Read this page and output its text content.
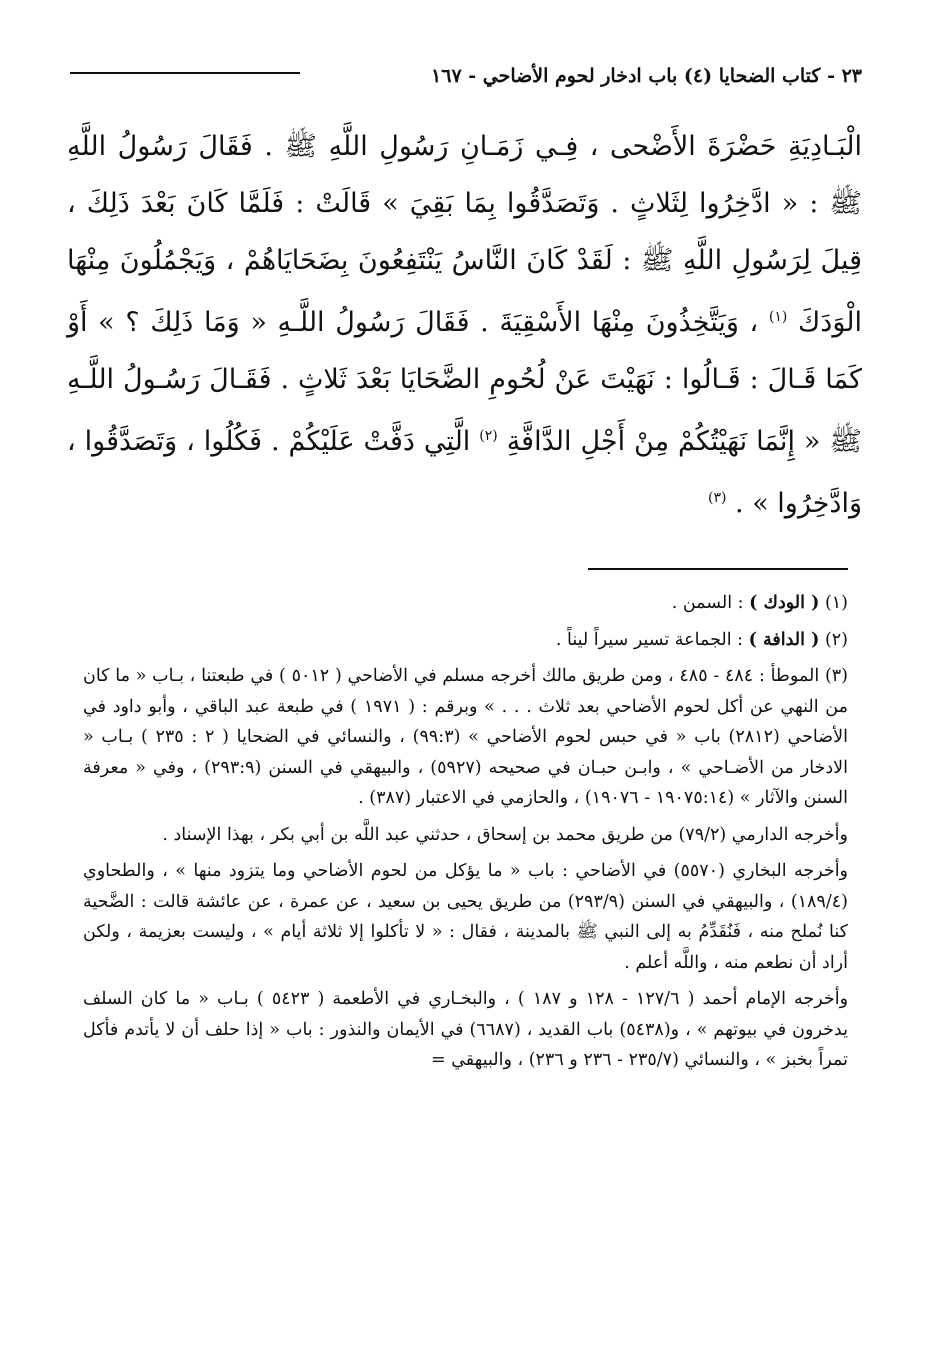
٢٣ - كتاب الضحايا (٤) باب ادخار لحوم الأضاحي - ١٦٧

الْبَـادِيَةِ حَضْرَةَ الأَضْحى ، فِـي زَمَـانِ رَسُولِ اللَّهِ ﷺ . فَقَالَ رَسُولُ اللَّهِ ﷺ : « ادَّخِرُوا لِثَلاثٍ . وَتَصَدَّقُوا بِمَا بَقِيَ » قَالَتْ : فَلَمَّا كَانَ بَعْدَ ذَلِكَ ، قِيلَ لِرَسُولِ اللَّهِ ﷺ : لَقَدْ كَانَ النَّاسُ يَنْتَفِعُونَ بِضَحَايَاهُمْ ، وَيَجْمُلُونَ مِنْهَا الْوَدَكَ $^{(١)}$ ، وَيَتَّخِذُونَ مِنْهَا الأَسْقِيَةَ . فَقَالَ رَسُولُ اللَّـهِ « وَمَا ذَلِكَ ؟ » أَوْ كَمَا قَـالَ : قَـالُوا : نَهَيْتَ عَنْ لُحُومِ الضَّحَايَا بَعْدَ ثَلاثٍ . فَقَـالَ رَسُـولُ اللَّـهِ ﷺ « إِنَّمَا نَهَيْتُكُمْ مِنْ أَجْلِ الدَّافَّةِ $^{(٢)}$ الَّتِي دَفَّتْ عَلَيْكُمْ . فَكُلُوا ، وَتَصَدَّقُوا ، وَادَّخِرُوا » . $^{(٣)}$

(١) ( الودك ) : السمن .

(٢) ( الدافة ) : الجماعة تسير سيراً ليناً .

(٣) الموطأ : ٤٨٤ - ٤٨٥ ، ومن طريق مالك أخرجه مسلم في الأضاحي ( ٥٠١٢ ) في طبعتنا ، بـاب « ما كان من النهي عن أكل لحوم الأضاحي بعد ثلاث . . . » وبرقم : ( ١٩٧١ ) في طبعة عبد الباقي ، وأبو داود في الأضاحي (٢٨١٢) باب « في حبس لحوم الأضاحي » (٩٩:٣) ، والنسائي في الضحايا ( ٢ : ٢٣٥ ) بـاب « الادخار من الأضـاحي » ، وابـن حبـان في صحيحه (٥٩٢٧) ، والبيهقي في السنن (٢٩٣:٩) ، وفي « معرفة السنن والآثار » (١٩٠٧٥:١٤ - ١٩٠٧٦) ، والحازمي في الاعتبار (٣٨٧) .

وأخرجه الدارمي (٧٩/٢) من طريق محمد بن إسحاق ، حدثني عبد اللَّه بن أبي بكر ، بهذا الإسناد .

وأخرجه البخاري (٥٥٧٠) في الأضاحي : باب « ما يؤكل من لحوم الأضاحي وما يتزود منها » ، والطحاوي (١٨٩/٤) ، والبيهقي في السنن (٢٩٣/٩) من طريق يحيى بن سعيد ، عن عمرة ، عن عائشة قالت : الضَّحية كنا نُملح منه ، فَنُقَدِّمُ به إلى النبي ﷺ بالمدينة ، فقال : « لا تأكلوا إلا ثلاثة أيام » ، وليست بعزيمة ، ولكن أراد أن نطعم منه ، واللَّه أعلم .

وأخرجه الإمام أحمد ( ١٢٧/٦ - ١٢٨ و ١٨٧ ) ، والبخـاري في الأطعمة ( ٥٤٢٣ ) بـاب « ما كان السلف يدخرون في بيوتهم » ، و(٥٤٣٨) باب القديد ، (٦٦٨٧) في الأيمان والنذور : باب « إذا حلف أن لا يأتدم فأكل تمراً بخبز » ، والنسائي (٢٣٥/٧ - ٢٣٦ و ٢٣٦) ، والبيهقي =
